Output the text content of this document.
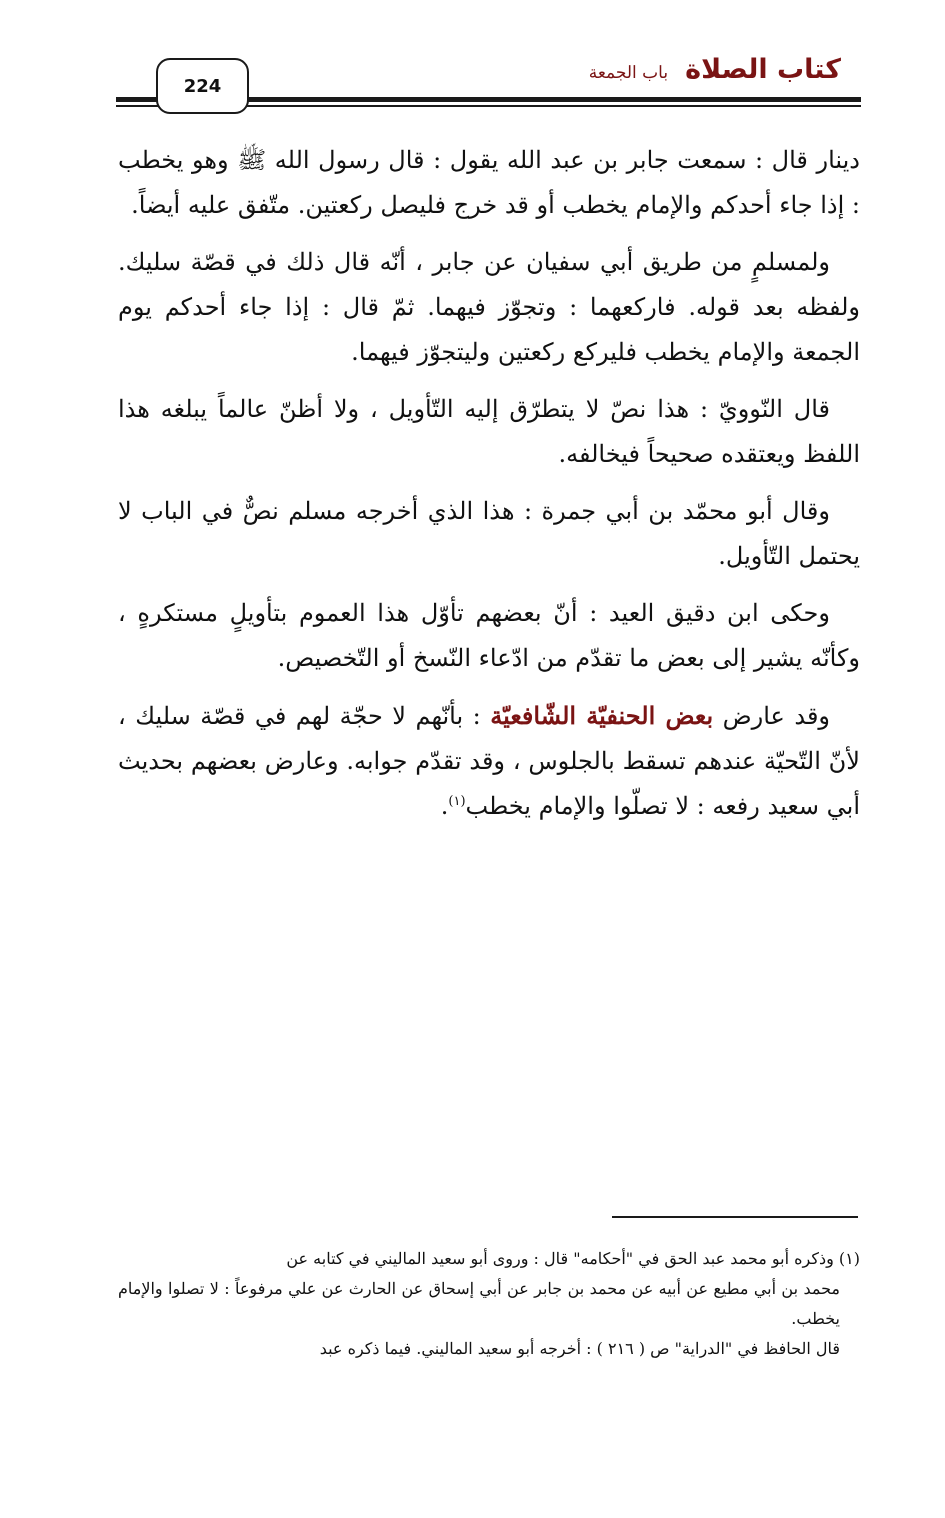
كتاب الصلاة باب الجمعة
224

دينار قال : سمعت جابر بن عبد الله يقول : قال رسول الله ﷺ وهو يخطب : إذا جاء أحدكم والإمام يخطب أو قد خرج فليصل ركعتين. متّفق عليه أيضاً.

ولمسلمٍ من طريق أبي سفيان عن جابر ، أنّه قال ذلك في قصّة سليك. ولفظه بعد قوله. فاركعهما : وتجوّز فيهما. ثمّ قال : إذا جاء أحدكم يوم الجمعة والإمام يخطب فليركع ركعتين وليتجوّز فيهما.

قال النّوويّ : هذا نصّ لا يتطرّق إليه التّأويل ، ولا أظنّ عالماً يبلغه هذا اللفظ ويعتقده صحيحاً فيخالفه.

وقال أبو محمّد بن أبي جمرة : هذا الذي أخرجه مسلم نصٌّ في الباب لا يحتمل التّأويل.

وحكى ابن دقيق العيد : أنّ بعضهم تأوّل هذا العموم بتأويلٍ مستكرهٍ ، وكأنّه يشير إلى بعض ما تقدّم من ادّعاء النّسخ أو التّخصيص.

وقد عارض بعض الحنفيّة الشّافعيّة : بأنّهم لا حجّة لهم في قصّة سليك ، لأنّ التّحيّة عندهم تسقط بالجلوس ، وقد تقدّم جوابه. وعارض بعضهم بحديث أبي سعيد رفعه : لا تصلّوا والإمام يخطب$^{(١)}$.

(١) وذكره أبو محمد عبد الحق في "أحكامه" قال : وروى أبو سعيد الماليني في كتابه عن

محمد بن أبي مطيع عن أبيه عن محمد بن جابر عن أبي إسحاق عن الحارث عن علي مرفوعاً : لا تصلوا والإمام يخطب.

قال الحافظ في "الدراية" ص ( ٢١٦ ) : أخرجه أبو سعيد الماليني. فيما ذكره عبد
